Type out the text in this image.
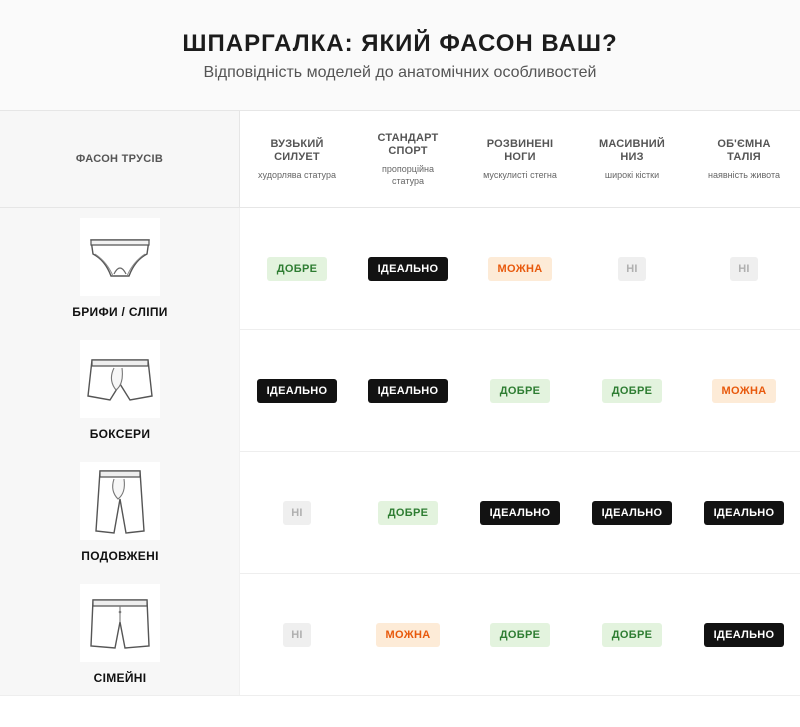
ШПАРГАЛКА: ЯКИЙ ФАСОН ВАШ?
Відповідність моделей до анатомічних особливостей
ФАСОН ТРУСІВ
ВУЗЬКИЙ СИЛУЕТ
худорлява статура
СТАНДАРТ СПОРТ
пропорційна статура
РОЗВИНЕНІ НОГИ
мускулисті стегна
МАСИВНИЙ НИЗ
широкі кістки
ОБ'ЄМНА ТАЛІЯ
наявність живота
БРИФИ / СЛІПИ
ДОБРЕ	ІДЕАЛЬНО	МОЖНА	НІ	НІ
БОКСЕРИ
ІДЕАЛЬНО	ІДЕАЛЬНО	ДОБРЕ	ДОБРЕ	МОЖНА
ПОДОВЖЕНІ
НІ	ДОБРЕ	ІДЕАЛЬНО	ІДЕАЛЬНО	ІДЕАЛЬНО
СІМЕЙНІ
НІ	МОЖНА	ДОБРЕ	ДОБРЕ	ІДЕАЛЬНО
